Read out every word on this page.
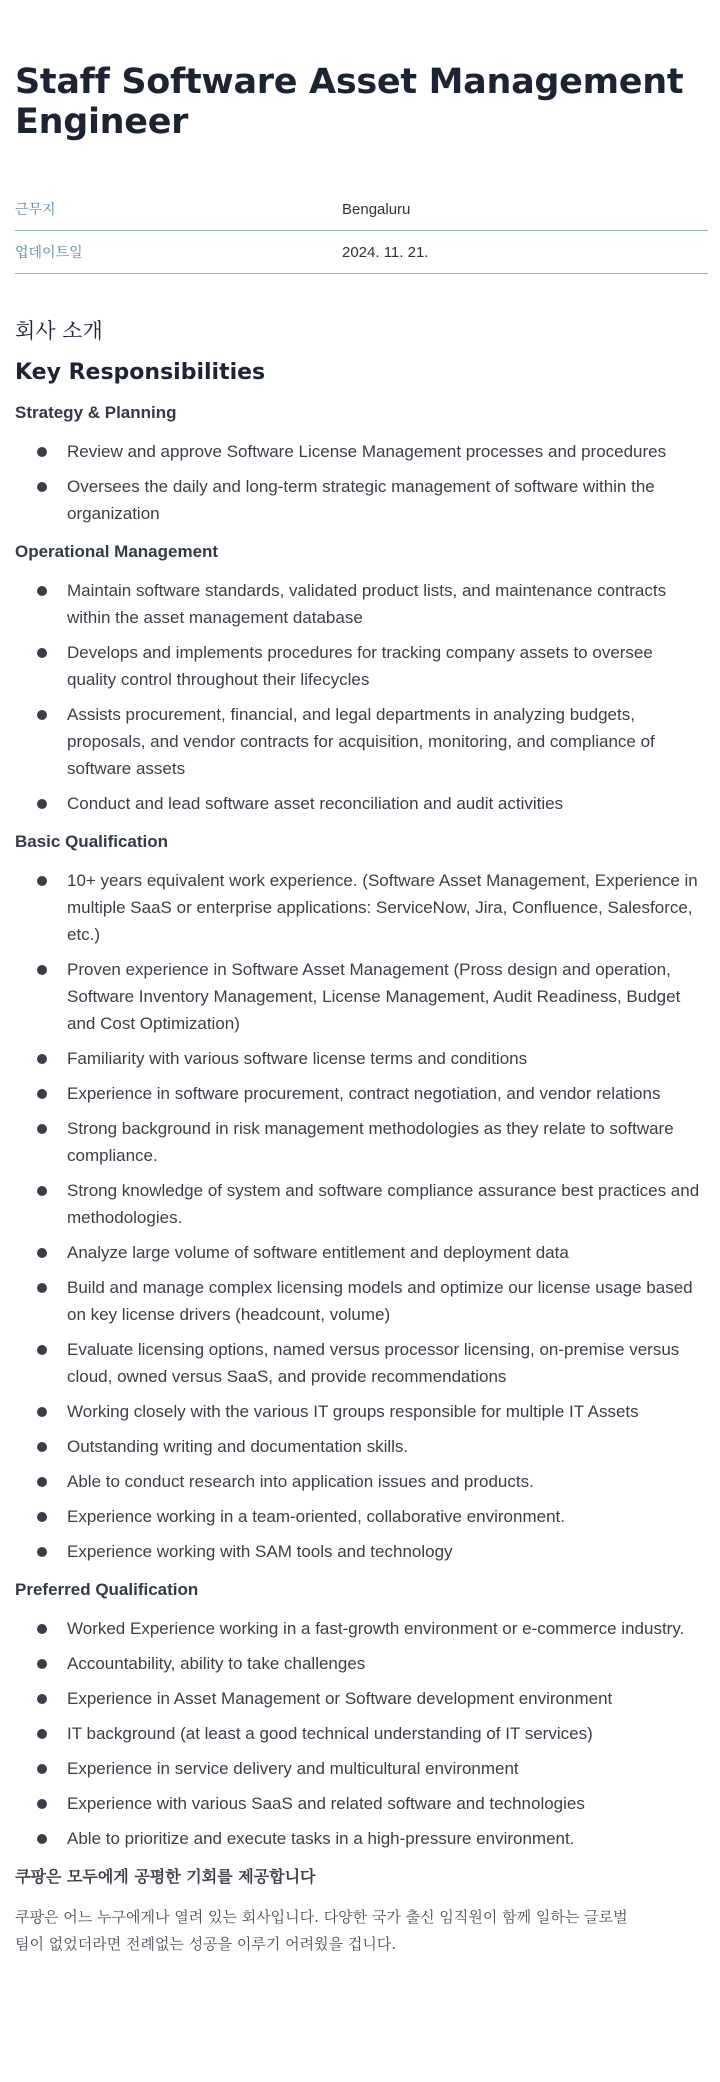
Staff Software Asset Management Engineer
근무지	Bengaluru
업데이트일	2024. 11. 21.
회사 소개
Key Responsibilities
Strategy & Planning
Review and approve Software License Management processes and procedures
Oversees the daily and long-term strategic management of software within the organization
Operational Management
Maintain software standards, validated product lists, and maintenance contracts within the asset management database
Develops and implements procedures for tracking company assets to oversee quality control throughout their lifecycles
Assists procurement, financial, and legal departments in analyzing budgets, proposals, and vendor contracts for acquisition, monitoring, and compliance of software assets
Conduct and lead software asset reconciliation and audit activities
Basic Qualification
10+ years equivalent work experience. (Software Asset Management, Experience in multiple SaaS or enterprise applications: ServiceNow, Jira, Confluence, Salesforce, etc.)
Proven experience in Software Asset Management (Pross design and operation, Software Inventory Management, License Management, Audit Readiness, Budget and Cost Optimization)
Familiarity with various software license terms and conditions
Experience in software procurement, contract negotiation, and vendor relations
Strong background in risk management methodologies as they relate to software compliance.
Strong knowledge of system and software compliance assurance best practices and methodologies.
Analyze large volume of software entitlement and deployment data
Build and manage complex licensing models and optimize our license usage based on key license drivers (headcount, volume)
Evaluate licensing options, named versus processor licensing, on-premise versus cloud, owned versus SaaS, and provide recommendations
Working closely with the various IT groups responsible for multiple IT Assets
Outstanding writing and documentation skills.
Able to conduct research into application issues and products.
Experience working in a team-oriented, collaborative environment.
Experience working with SAM tools and technology
Preferred Qualification
Worked Experience working in a fast-growth environment or e-commerce industry.
Accountability, ability to take challenges
Experience in Asset Management or Software development environment
IT background (at least a good technical understanding of IT services)
Experience in service delivery and multicultural environment
Experience with various SaaS and related software and technologies
Able to prioritize and execute tasks in a high-pressure environment.
쿠팡은 모두에게 공평한 기회를 제공합니다

쿠팡은 어느 누구에게나 열려 있는 회사입니다. 다양한 국가 출신 임직원이 함께 일하는 글로벌팀이 없었더라면 전례없는 성공을 이루기 어려웠을 겁니다.
